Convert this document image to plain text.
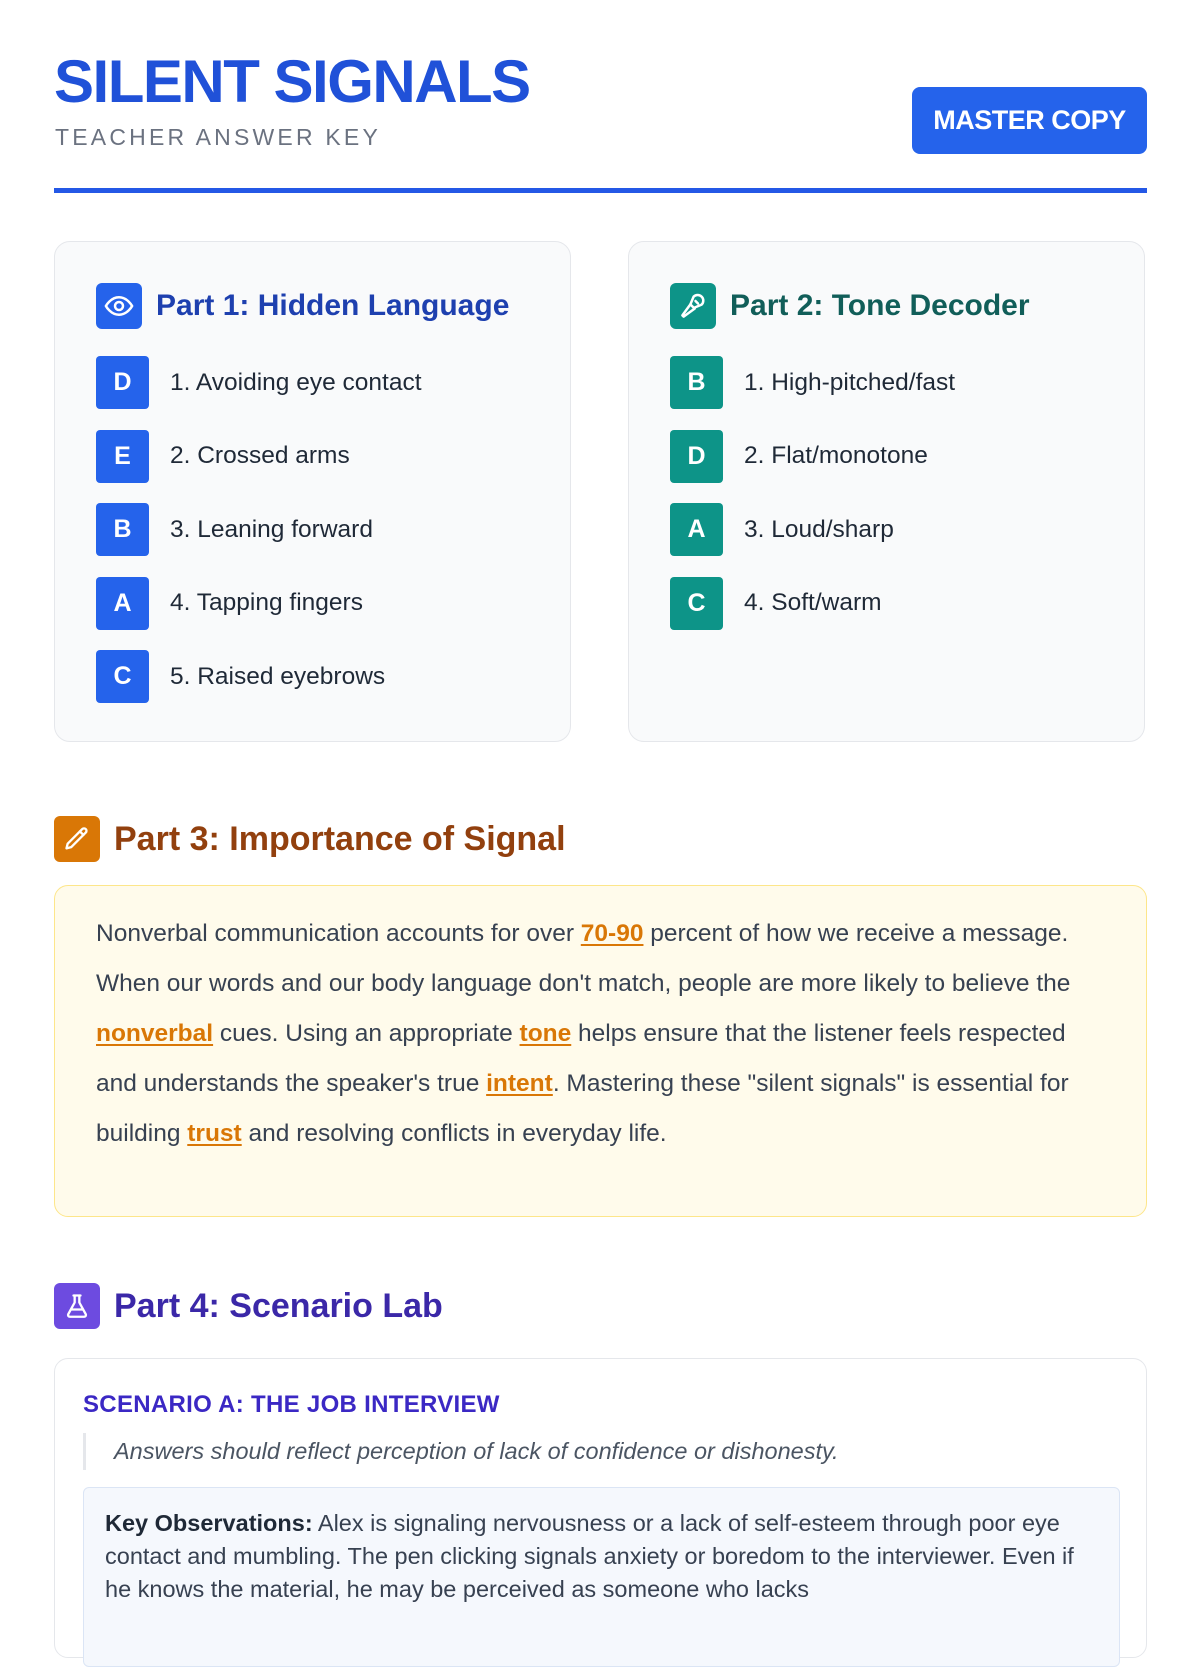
SILENT SIGNALS
TEACHER ANSWER KEY
MASTER COPY
Part 1: Hidden Language
D	1. Avoiding eye contact
E	2. Crossed arms
B	3. Leaning forward
A	4. Tapping fingers
C	5. Raised eyebrows
Part 2: Tone Decoder
B	1. High-pitched/fast
D	2. Flat/monotone
A	3. Loud/sharp
C	4. Soft/warm
Part 3: Importance of Signal
Nonverbal communication accounts for over 70-90 percent of how we receive a message. When our words and our body language don't match, people are more likely to believe the nonverbal cues. Using an appropriate tone helps ensure that the listener feels respected and understands the speaker's true intent. Mastering these "silent signals" is essential for building trust and resolving conflicts in everyday life.
Part 4: Scenario Lab
SCENARIO A: THE JOB INTERVIEW
Answers should reflect perception of lack of confidence or dishonesty.
Key Observations: Alex is signaling nervousness or a lack of self-esteem through poor eye contact and mumbling. The pen clicking signals anxiety or boredom to the interviewer. Even if he knows the material, he may be perceived as someone who lacks
